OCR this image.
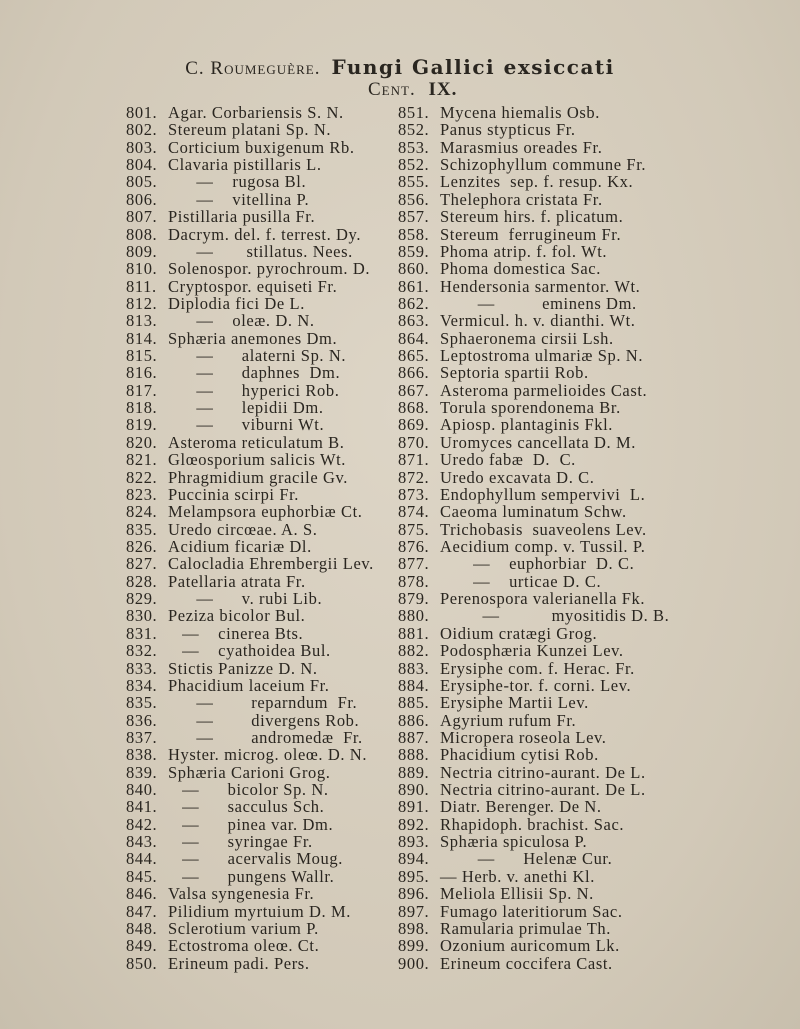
C. Roumeguère. Fungi Gallici exsiccati
Cent. IX.
801. Agar. Corbariensis S. N.
802. Stereum platani Sp. N.
803. Corticium buxigenum Rb.
804. Clavaria pistillaris L.
805. —    rugosa Bl.
806. —    vitellina P.
807. Pistillaria pusilla Fr.
808. Dacrym. del. f. terrest. Dy.
809. —       stillatus. Nees.
810. Solenospor. pyrochroum. D.
811. Cryptospor. equiseti Fr.
812. Diplodia fici De L.
813. —    oleæ. D. N.
814. Sphæria anemones Dm.
815. —      alaterni Sp. N.
816. —      daphnes  Dm.
817. —      hyperici Rob.
818. —      lepidii Dm.
819. —      viburni Wt.
820. Asteroma reticulatum B.
821. Glœosporium salicis Wt.
822. Phragmidium gracile Gv.
823. Puccinia scirpi Fr.
824. Melampsora euphorbiæ Ct.
835. Uredo circœae. A. S.
826. Acidium ficariæ Dl.
827. Calocladia Ehrembergii Lev.
828. Patellaria atrata Fr.
829. —      v. rubi Lib.
830. Peziza bicolor Bul.
831. —    cinerea Bts.
832. —    cyathoidea Bul.
833. Stictis Panizze D. N.
834. Phacidium laceium Fr.
835. —        reparndum  Fr.
836. —        divergens Rob.
837. —        andromedæ  Fr.
838. Hyster. microg. oleœ. D. N.
839. Sphæria Carioni Grog.
840. —      bicolor Sp. N.
841. —      sacculus Sch.
842. —      pinea var. Dm.
843. —      syringae Fr.
844. —      acervalis Moug.
845. —      pungens Wallr.
846. Valsa syngenesia Fr.
847. Pilidium myrtuium D. M.
848. Sclerotium varium P.
849. Ectostroma oleœ. Ct.
850. Erineum padi. Pers.
851. Mycena hiemalis Osb.
852. Panus stypticus Fr.
853. Marasmius oreades Fr.
852. Schizophyllum commune Fr.
855. Lenzites  sep. f. resup. Kx.
856. Thelephora cristata Fr.
857. Stereum hirs. f. plicatum.
858. Stereum  ferrugineum Fr.
859. Phoma atrip. f. fol. Wt.
860. Phoma domestica Sac.
861. Hendersonia sarmentor. Wt.
862. —          eminens Dm.
863. Vermicul. h. v. dianthi. Wt.
864. Sphaeronema cirsii Lsh.
865. Leptostroma ulmariæ Sp. N.
866. Septoria spartii Rob.
867. Asteroma parmelioides Cast.
868. Torula sporendonema Br.
869. Apiosp. plantaginis Fkl.
870. Uromyces cancellata D. M.
871. Uredo fabæ  D.  C.
872. Uredo excavata D. C.
873. Endophyllum sempervivi  L.
874. Caeoma luminatum Schw.
875. Trichobasis  suaveolens Lev.
876. Aecidium comp. v. Tussil. P.
877. —    euphorbiar  D. C.
878. —    urticae D. C.
879. Perenospora valerianella Fk.
880. —           myositidis D. B.
881. Oidium cratægi Grog.
882. Podosphæria Kunzei Lev.
883. Erysiphe com. f. Herac. Fr.
884. Erysiphe-tor. f. corni. Lev.
885. Erysiphe Martii Lev.
886. Agyrium rufum Fr.
887. Micropera roseola Lev.
888. Phacidium cytisi Rob.
889. Nectria citrino-aurant. De L.
890. Nectria citrino-aurant. De L.
891. Diatr. Berenger. De N.
892. Rhapidoph. brachist. Sac.
893. Sphæria spiculosa P.
894. —      Helenæ Cur.
895. — Herb. v. anethi Kl.
896. Meliola Ellisii Sp. N.
897. Fumago lateritiorum Sac.
898. Ramularia primulae Th.
899. Ozonium auricomum Lk.
900. Erineum coccifera Cast.
